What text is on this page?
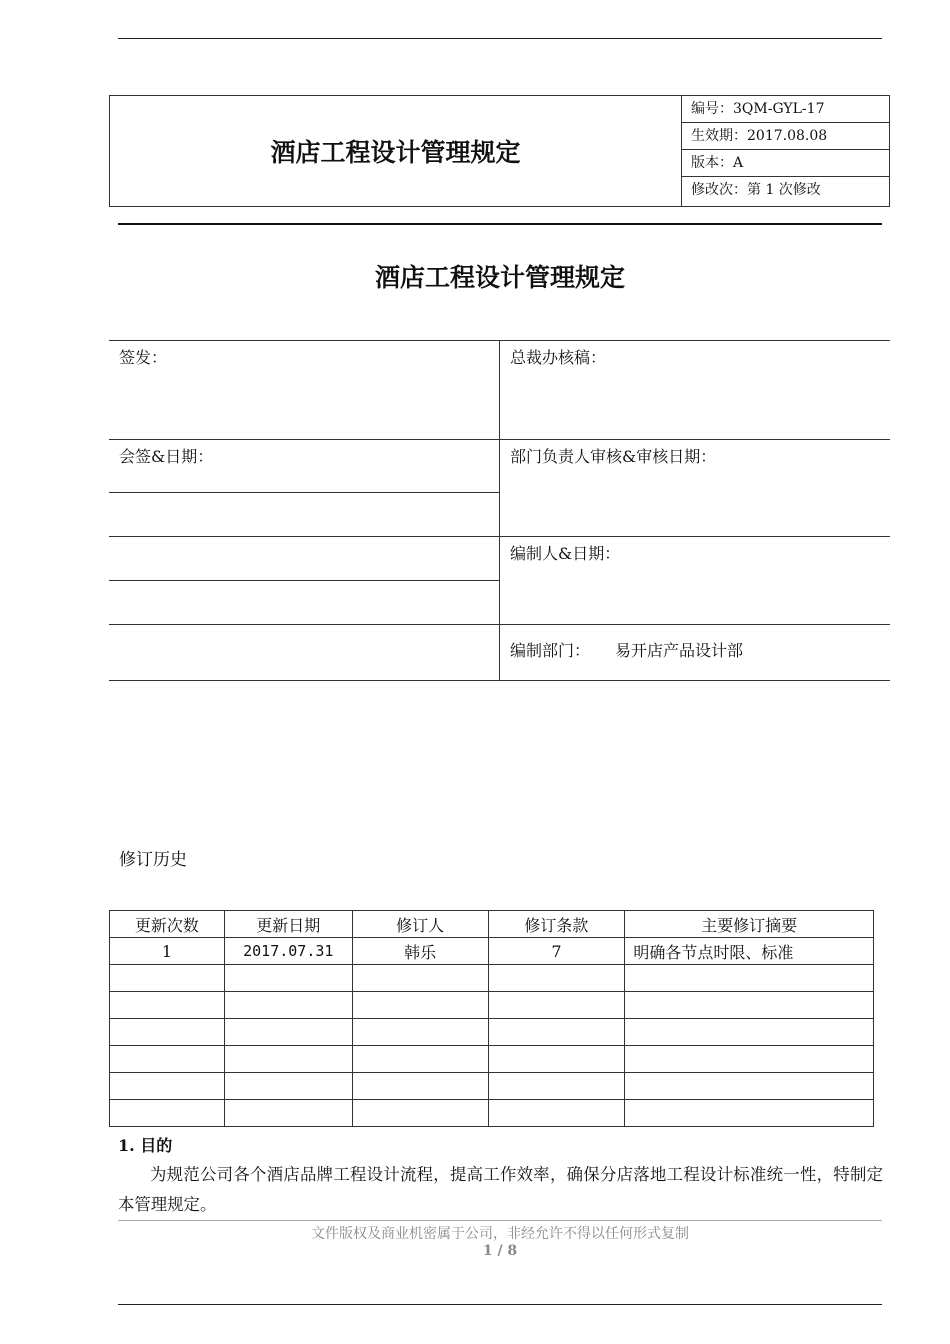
酒店工程设计管理规定
编号：3QM-GYL-17
生效期：2017.08.08
版本：A
修改次：第 1 次修改
酒店工程设计管理规定
签发：
会签&日期：
总裁办核稿：
部门负责人审核&审核日期：
编制人&日期：
编制部门： 易开店产品设计部
修订历史
更新次数	更新日期	修订人	修订条款	主要修订摘要
1	2017.07.31	韩乐	7	明确各节点时限、标准

1. 目的
为规范公司各个酒店品牌工程设计流程，提高工作效率，确保分店落地工程设计标准统一性，特制定本管理规定。
文件版权及商业机密属于公司，非经允许不得以任何形式复制
1 / 8
